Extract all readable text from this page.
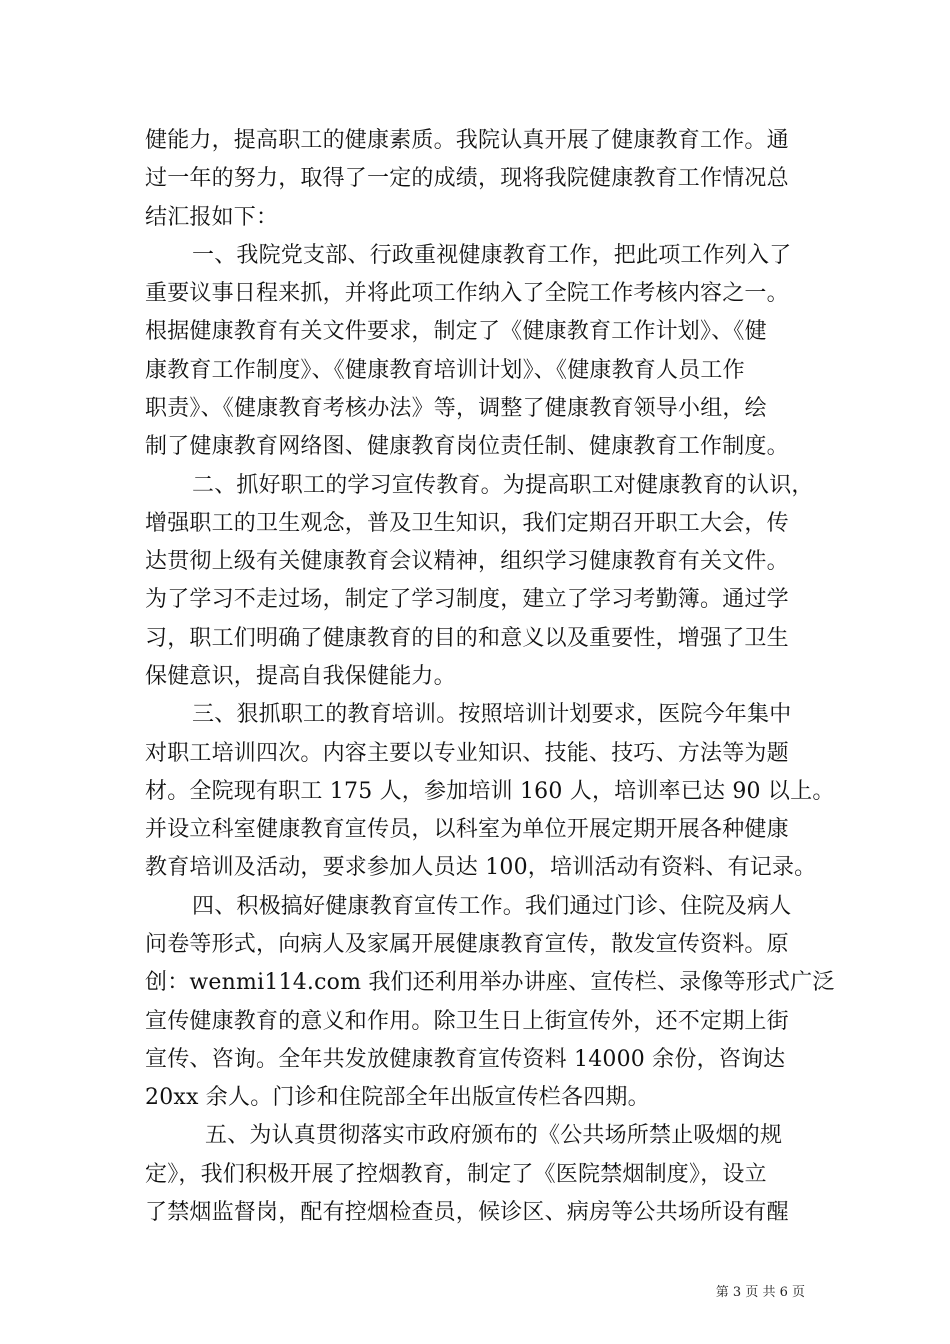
健能力，提高职工的健康素质。我院认真开展了健康教育工作。通
过一年的努力，取得了一定的成绩，现将我院健康教育工作情况总
结汇报如下：
一、我院党支部、行政重视健康教育工作，把此项工作列入了
重要议事日程来抓，并将此项工作纳入了全院工作考核内容之一。
根据健康教育有关文件要求，制定了《健康教育工作计划》、《健
康教育工作制度》、《健康教育培训计划》、《健康教育人员工作
职责》、《健康教育考核办法》等，调整了健康教育领导小组，绘
制了健康教育网络图、健康教育岗位责任制、健康教育工作制度。
二、抓好职工的学习宣传教育。为提高职工对健康教育的认识，
增强职工的卫生观念，普及卫生知识，我们定期召开职工大会，传
达贯彻上级有关健康教育会议精神，组织学习健康教育有关文件。
为了学习不走过场，制定了学习制度，建立了学习考勤簿。通过学
习，职工们明确了健康教育的目的和意义以及重要性，增强了卫生
保健意识，提高自我保健能力。
三、狠抓职工的教育培训。按照培训计划要求，医院今年集中
对职工培训四次。内容主要以专业知识、技能、技巧、方法等为题
材。全院现有职工 175 人，参加培训 160 人，培训率已达 90 以上。
并设立科室健康教育宣传员，以科室为单位开展定期开展各种健康
教育培训及活动，要求参加人员达 100，培训活动有资料、有记录。
四、积极搞好健康教育宣传工作。我们通过门诊、住院及病人
问卷等形式，向病人及家属开展健康教育宣传，散发宣传资料。原
创：wenmi114.com 我们还利用举办讲座、宣传栏、录像等形式广泛
宣传健康教育的意义和作用。除卫生日上街宣传外，还不定期上街
宣传、咨询。全年共发放健康教育宣传资料 14000 余份，咨询达
20xx 余人。门诊和住院部全年出版宣传栏各四期。
五、为认真贯彻落实市政府颁布的《公共场所禁止吸烟的规
定》，我们积极开展了控烟教育，制定了《医院禁烟制度》，设立
了禁烟监督岗，配有控烟检查员，候诊区、病房等公共场所设有醒
第 3 页 共 6 页
